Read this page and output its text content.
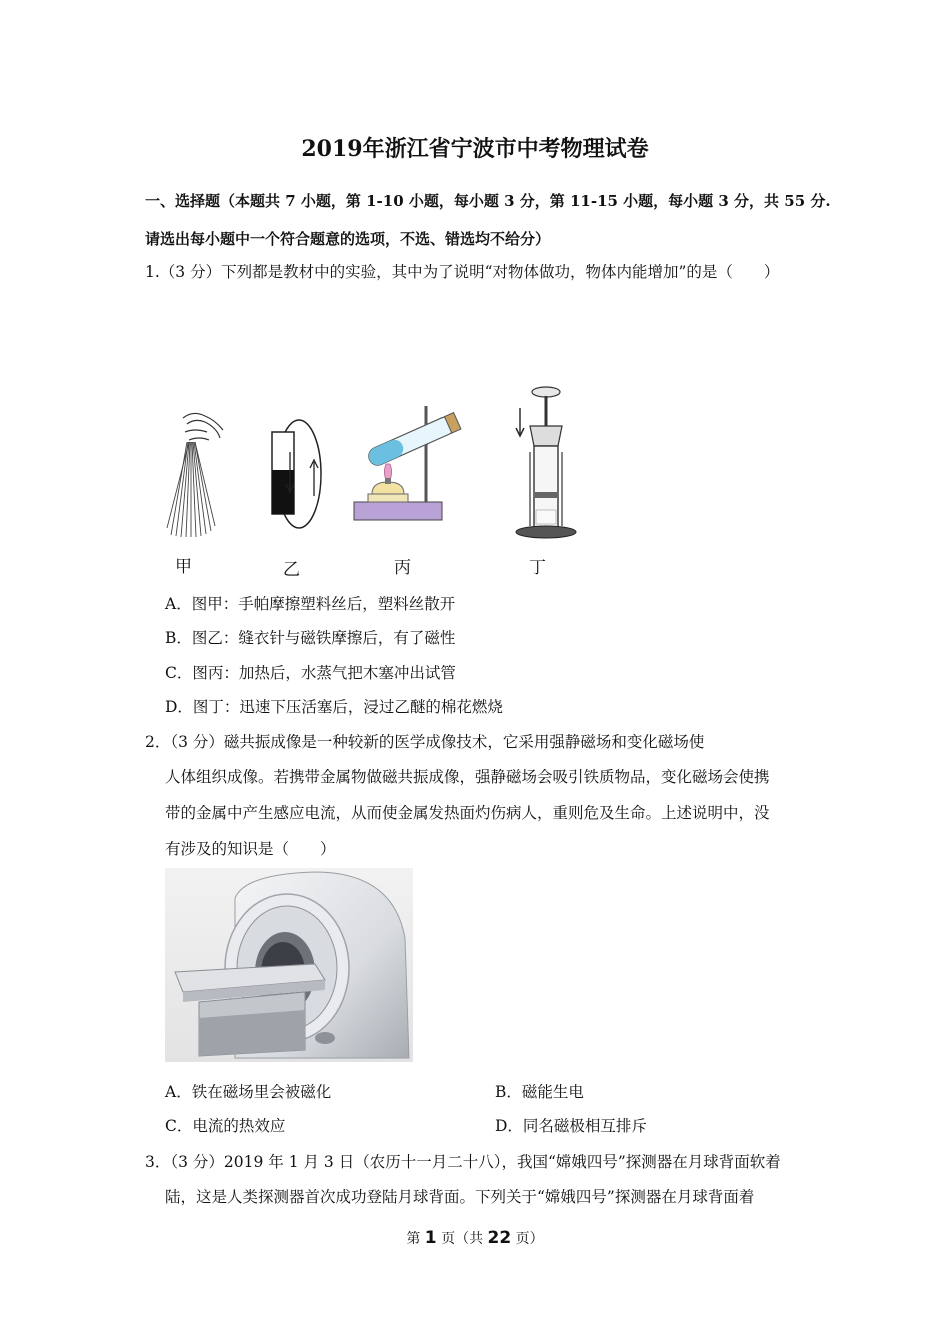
2019年浙江省宁波市中考物理试卷
一、选择题（本题共 7 小题，第 1-10 小题，每小题 3 分，第 11-15 小题，每小题 3 分，共 55 分.
请选出每小题中一个符合题意的选项，不选、错选均不给分）
1.（3 分）下列都是教材中的实验，其中为了说明“对物体做功，物体内能增加”的是（　　）
甲	乙	丙	丁
A．图甲：手帕摩擦塑料丝后，塑料丝散开
B．图乙：缝衣针与磁铁摩擦后，有了磁性
C．图丙：加热后，水蒸气把木塞冲出试管
D．图丁：迅速下压活塞后，浸过乙醚的棉花燃烧
2．（3 分）磁共振成像是一种较新的医学成像技术，它采用强静磁场和变化磁场使
人体组织成像。若携带金属物做磁共振成像，强静磁场会吸引铁质物品，变化磁场会使携
带的金属中产生感应电流，从而使金属发热面灼伤病人，重则危及生命。上述说明中，没
有涉及的知识是（　　）
A．铁在磁场里会被磁化	B．磁能生电
C．电流的热效应	D．同名磁极相互排斥
3．（3 分）2019 年 1 月 3 日（农历十一月二十八），我国“嫦娥四号”探测器在月球背面软着
陆，这是人类探测器首次成功登陆月球背面。下列关于“嫦娥四号”探测器在月球背面着
第 1 页（共 22 页）
